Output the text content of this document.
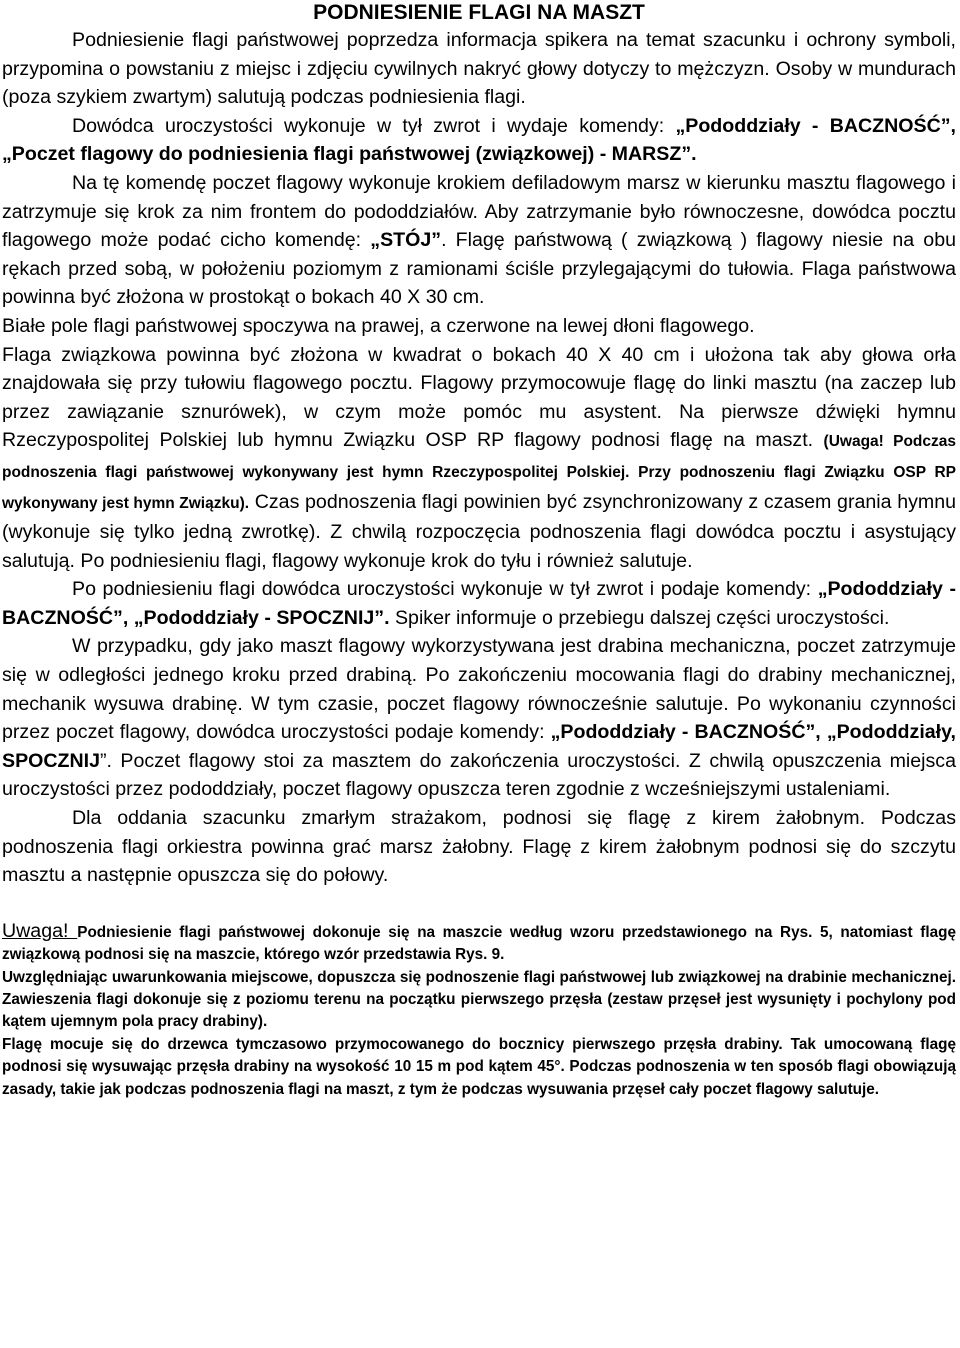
PODNIESIENIE FLAGI NA MASZT

Podniesienie flagi państwowej poprzedza informacja spikera na temat szacunku i ochrony symboli, przypomina o powstaniu z miejsc i zdjęciu cywilnych nakryć głowy dotyczy to mężczyzn. Osoby w mundurach (poza szykiem zwartym) salutują podczas podniesienia flagi.

Dowódca uroczystości wykonuje w tył zwrot i wydaje komendy: „Pododdziały - BACZNOŚĆ”, „Poczet flagowy do podniesienia flagi państwowej (związkowej) - MARSZ”.

Na tę komendę poczet flagowy wykonuje krokiem defiladowym marsz w kierunku masztu flagowego i zatrzymuje się krok za nim frontem do pododdziałów. Aby zatrzymanie było równoczesne, dowódca pocztu flagowego może podać cicho komendę: „STÓJ”. Flagę państwową ( związkową ) flagowy niesie na obu rękach przed sobą, w położeniu poziomym z ramionami ściśle przylegającymi do tułowia. Flaga państwowa powinna być złożona w prostokąt o bokach 40 X 30 cm.

Białe pole flagi państwowej spoczywa na prawej, a czerwone na lewej dłoni flagowego.

Flaga związkowa powinna być złożona w kwadrat o bokach 40 X 40 cm i ułożona tak aby głowa orła znajdowała się przy tułowiu flagowego pocztu. Flagowy przymocowuje flagę do linki masztu (na zaczep lub przez zawiązanie sznurówek), w czym może pomóc mu asystent. Na pierwsze dźwięki hymnu Rzeczypospolitej Polskiej lub hymnu Związku OSP RP flagowy podnosi flagę na maszt. (Uwaga! Podczas podnoszenia flagi państwowej wykonywany jest hymn Rzeczypospolitej Polskiej. Przy podnoszeniu flagi Związku OSP RP wykonywany jest hymn Związku). Czas podnoszenia flagi powinien być zsynchronizowany z czasem grania hymnu (wykonuje się tylko jedną zwrotkę). Z chwilą rozpoczęcia podnoszenia flagi dowódca pocztu i asystujący salutują. Po podniesieniu flagi, flagowy wykonuje krok do tyłu i również salutuje.

Po podniesieniu flagi dowódca uroczystości wykonuje w tył zwrot i podaje komendy: „Pododdziały - BACZNOŚĆ”, „Pododdziały - SPOCZNIJ”. Spiker informuje o przebiegu dalszej części uroczystości.

W przypadku, gdy jako maszt flagowy wykorzystywana jest drabina mechaniczna, poczet zatrzymuje się w odległości jednego kroku przed drabiną. Po zakończeniu mocowania flagi do drabiny mechanicznej, mechanik wysuwa drabinę. W tym czasie, poczet flagowy równocześnie salutuje. Po wykonaniu czynności przez poczet flagowy, dowódca uroczystości podaje komendy: „Pododdziały - BACZNOŚĆ”, „Pododdziały, SPOCZNIJ”. Poczet flagowy stoi za masztem do zakończenia uroczystości. Z chwilą opuszczenia miejsca uroczystości przez pododdziały, poczet flagowy opuszcza teren zgodnie z wcześniejszymi ustaleniami.

Dla oddania szacunku zmarłym strażakom, podnosi się flagę z kirem żałobnym. Podczas podnoszenia flagi orkiestra powinna grać marsz żałobny. Flagę z kirem żałobnym podnosi się do szczytu masztu a następnie opuszcza się do połowy.

Uwaga! Podniesienie flagi państwowej dokonuje się na maszcie według wzoru przedstawionego na Rys. 5, natomiast flagę związkową podnosi się na maszcie, którego wzór przedstawia Rys. 9.

Uwzględniając uwarunkowania miejscowe, dopuszcza się podnoszenie flagi państwowej lub związkowej na drabinie mechanicznej. Zawieszenia flagi dokonuje się z poziomu terenu na początku pierwszego przęsła (zestaw przęseł jest wysunięty i pochylony pod kątem ujemnym pola pracy drabiny).

Flagę mocuje się do drzewca tymczasowo przymocowanego do bocznicy pierwszego przęsła drabiny. Tak umocowaną flagę podnosi się wysuwając przęsła drabiny na wysokość 10 15 m pod kątem 45°. Podczas podnoszenia w ten sposób flagi obowiązują zasady, takie jak podczas podnoszenia flagi na maszt, z tym że podczas wysuwania przęseł cały poczet flagowy salutuje.
